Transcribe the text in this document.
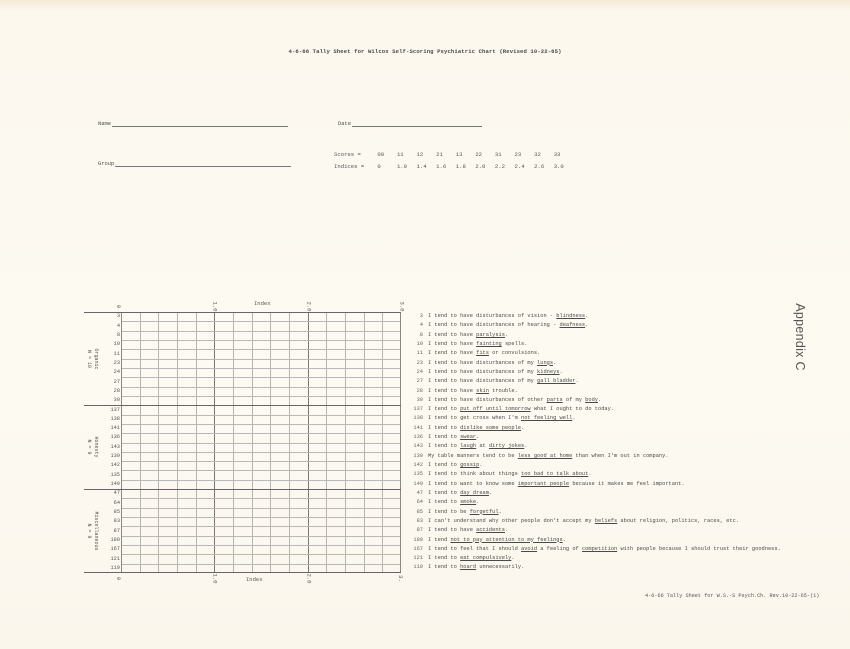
4-6-66 Tally Sheet for Wilcox Self-Scoring Psychiatric Chart (Revised 10-22-65)
Name	Date
Group
Scores =	00 11 12 21 13 22 31 23 32 33
Indices = 0	1.0 1.4 1.6 1.8 2.0 2.2 2.4 2.6 3.0
Index
Index
0	1.0	2.0	3.0
0	1.0	2.0	3.
3
4
8
10
11
23
24
27
28
30
137
138
141
136
143
139
142
135
140
47
64
85
83
87
180
167
121
119
Organic
N = 10
Honesty
N = 9
Miscellaneous
N = 9
3 I tend to have disturbances of vision - blindness.
4 I tend to have disturbances of hearing - deafness.
8 I tend to have paralysis.
10 I tend to have fainting spells.
11 I tend to have fits or convulsions.
23 I tend to have disturbances of my lungs.
24 I tend to have disturbances of my kidneys.
27 I tend to have disturbances of my gall bladder.
28 I tend to have skin trouble.
30 I tend to have disturbances of other parts of my body.
137 I tend to put off until tomorrow what I ought to do today.
138 I tend to get cross when I'm not feeling well.
141 I tend to dislike some people.
136 I tend to swear.
143 I tend to laugh at dirty jokes.
139 My table manners tend to be less good at home than when I'm out in company.
142 I tend to gossip.
135 I tend to think about things too bad to talk about.
140 I tend to want to know some important people because it makes me feel important.
47 I tend to day dream.
64 I tend to smoke.
85 I tend to be forgetful.
83 I can't understand why other people don't accept my beliefs about religion, politics, races, etc.
87 I tend to have accidents.
180 I tend not to pay attention to my feelings.
167 I tend to feel that I should avoid a feeling of competition with people because I should trust their goodness.
121 I tend to eat compulsively.
119 I tend to hoard unnecessarily.
Appendix C
4-6-66 Tally Sheet for W.S.-S Psych.Ch. Rev.10-22-65-(1)
